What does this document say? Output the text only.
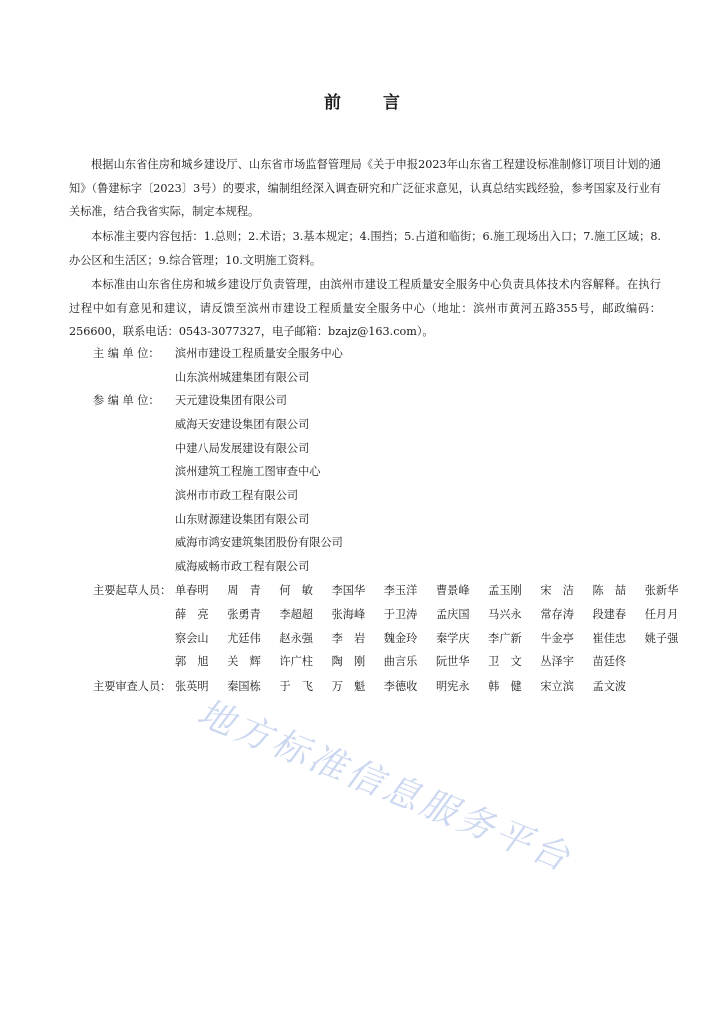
前 言

根据山东省住房和城乡建设厅、山东省市场监督管理局《关于申报2023年山东省工程建设标准制修订项目计划的通知》（鲁建标字〔2023〕3号）的要求，编制组经深入调查研究和广泛征求意见，认真总结实践经验，参考国家及行业有关标准，结合我省实际，制定本规程。

本标准主要内容包括：1.总则；2.术语；3.基本规定；4.围挡；5.占道和临街；6.施工现场出入口；7.施工区域；8.办公区和生活区；9.综合管理；10.文明施工资料。

本标准由山东省住房和城乡建设厅负责管理，由滨州市建设工程质量安全服务中心负责具体技术内容解释。在执行过程中如有意见和建议，请反馈至滨州市建设工程质量安全服务中心（地址：滨州市黄河五路355号，邮政编码：256600，联系电话：0543-3077327，电子邮箱：bzajz@163.com）。

主 编 单 位： 滨州市建设工程质量安全服务中心
山东滨州城建集团有限公司
参 编 单 位： 天元建设集团有限公司
威海天安建设集团有限公司
中建八局发展建设有限公司
滨州建筑工程施工图审查中心
滨州市市政工程有限公司
山东财源建设集团有限公司
威海市鸿安建筑集团股份有限公司
威海威畅市政工程有限公司
主要起草人员： 单春明 周　青 何　敏 李国华 李玉洋 曹景峰 孟玉刚 宋　洁 陈　喆 张新华
薛　亮 张勇青 李超超 张海峰 于卫涛 孟庆国 马兴永 常存涛 段建春 任月月
察会山 尤廷伟 赵永强 李　岩 魏金玲 秦学庆 李广新 牛金亭 崔佳忠 姚子强
郭　旭 关　辉 许广柱 陶　刚 曲言乐 阮世华 卫　文 丛泽宇 苗廷佟
主要审查人员： 张英明 秦国栋 于　飞 万　魁 李德收 明宪永 韩　健 宋立滨 孟文波
地方标准信息服务平台
